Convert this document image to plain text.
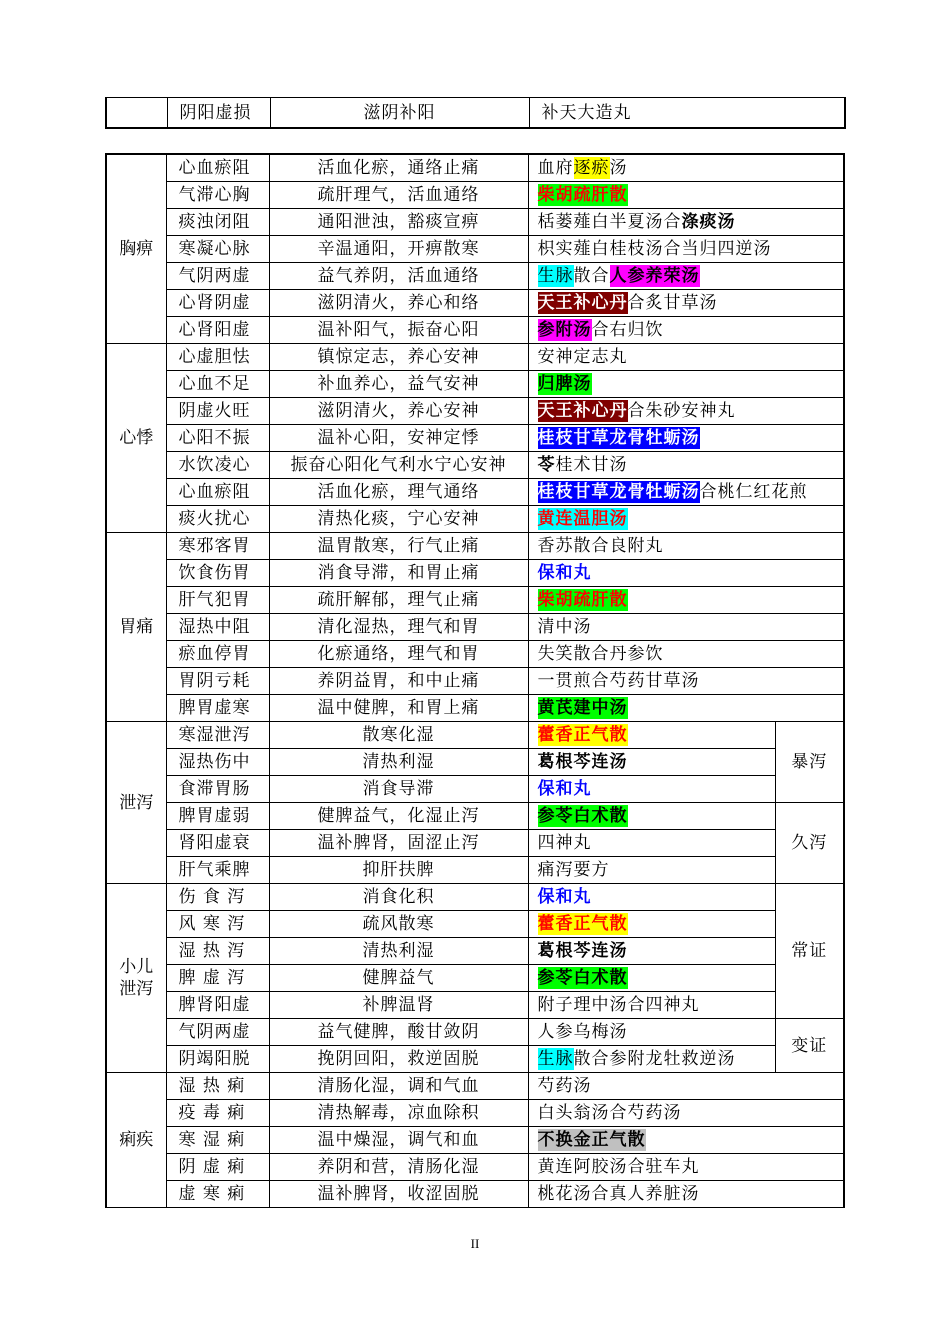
	阴阳虚损	滋阴补阳	补天大造丸
胸痹	心血瘀阻	活血化瘀，通络止痛	血府逐瘀汤	
	气滞心胸	疏肝理气，活血通络	柴胡疏肝散	
	痰浊闭阻	通阳泄浊，豁痰宣痹	栝蒌薤白半夏汤合涤痰汤	
	寒凝心脉	辛温通阳，开痹散寒	枳实薤白桂枝汤合当归四逆汤	
	气阴两虚	益气养阴，活血通络	生脉散合人参养荣汤	
	心肾阴虚	滋阴清火，养心和络	天王补心丹合炙甘草汤	
	心肾阳虚	温补阳气，振奋心阳	参附汤合右归饮	
心悸	心虚胆怯	镇惊定志，养心安神	安神定志丸	
	心血不足	补血养心，益气安神	归脾汤	
	阴虚火旺	滋阴清火，养心安神	天王补心丹合朱砂安神丸	
	心阳不振	温补心阳，安神定悸	桂枝甘草龙骨牡蛎汤	
	水饮凌心	振奋心阳化气利水宁心安神	苓桂术甘汤	
	心血瘀阻	活血化瘀，理气通络	桂枝甘草龙骨牡蛎汤合桃仁红花煎	
	痰火扰心	清热化痰，宁心安神	黄连温胆汤	
胃痛	寒邪客胃	温胃散寒，行气止痛	香苏散合良附丸	
	饮食伤胃	消食导滞，和胃止痛	保和丸	
	肝气犯胃	疏肝解郁，理气止痛	柴胡疏肝散	
	湿热中阻	清化湿热，理气和胃	清中汤	
	瘀血停胃	化瘀通络，理气和胃	失笑散合丹参饮	
	胃阴亏耗	养阴益胃，和中止痛	一贯煎合芍药甘草汤	
	脾胃虚寒	温中健脾，和胃上痛	黄芪建中汤	
泄泻	寒湿泄泻	散寒化湿	藿香正气散	暴泻
	湿热伤中	清热利湿	葛根芩连汤	
	食滞胃肠	消食导滞	保和丸	
	脾胃虚弱	健脾益气，化湿止泻	参苓白术散	久泻
	肾阳虚衰	温补脾肾，固涩止泻	四神丸	
	肝气乘脾	抑肝扶脾	痛泻要方	
小儿泄泻	伤 食 泻	消食化积	保和丸	常证
	风 寒 泻	疏风散寒	藿香正气散	
	湿 热 泻	清热利湿	葛根芩连汤	
	脾 虚 泻	健脾益气	参苓白术散	
	脾肾阳虚	补脾温肾	附子理中汤合四神丸	
	气阴两虚	益气健脾，酸甘敛阴	人参乌梅汤	变证
	阴竭阳脱	挽阴回阳，救逆固脱	生脉散合参附龙牡救逆汤	
痢疾	湿 热 痢	清肠化湿，调和气血	芍药汤	
	疫 毒 痢	清热解毒，凉血除积	白头翁汤合芍药汤	
	寒 湿 痢	温中燥湿，调气和血	不换金正气散	
	阴 虚 痢	养阴和营，清肠化湿	黄连阿胶汤合驻车丸	
	虚 寒 痢	温补脾肾，收涩固脱	桃花汤合真人养脏汤	
II
